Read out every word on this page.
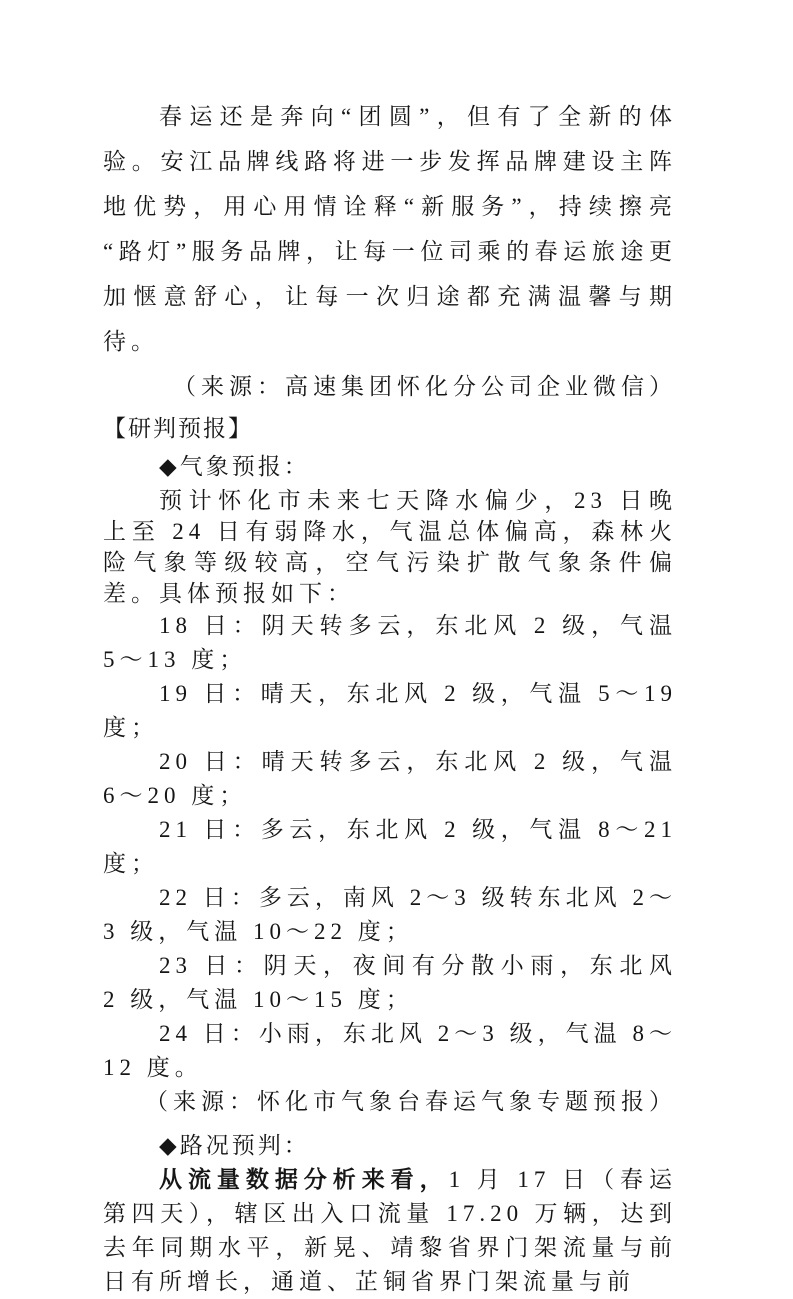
春运还是奔向“团圆”，但有了全新的体验。安江品牌线路将进一步发挥品牌建设主阵地优势，用心用情诠释“新服务”，持续擦亮“路灯”服务品牌，让每一位司乘的春运旅途更加惬意舒心，让每一次归途都充满温馨与期待。

（来源：高速集团怀化分公司企业微信）

【研判预报】
◆气象预报：

预计怀化市未来七天降水偏少，23 日晚上至 24 日有弱降水，气温总体偏高，森林火险气象等级较高，空气污染扩散气象条件偏差。具体预报如下：

18 日：阴天转多云，东北风 2 级，气温 5～13 度；

19 日：晴天，东北风 2 级，气温 5～19 度；

20 日：晴天转多云，东北风 2 级，气温 6～20 度；

21 日：多云，东北风 2 级，气温 8～21 度；

22 日：多云，南风 2～3 级转东北风 2～3 级，气温 10～22 度；

23 日：阴天，夜间有分散小雨，东北风 2 级，气温 10～15 度；

24 日：小雨，东北风 2～3 级，气温 8～12 度。

（来源：怀化市气象台春运气象专题预报）

◆路况预判：

从流量数据分析来看，1 月 17 日（春运第四天），辖区出入口流量 17.20 万辆，达到去年同期水平，新晃、靖黎省界门架流量与前日有所增长，通道、芷铜省界门架流量与前
